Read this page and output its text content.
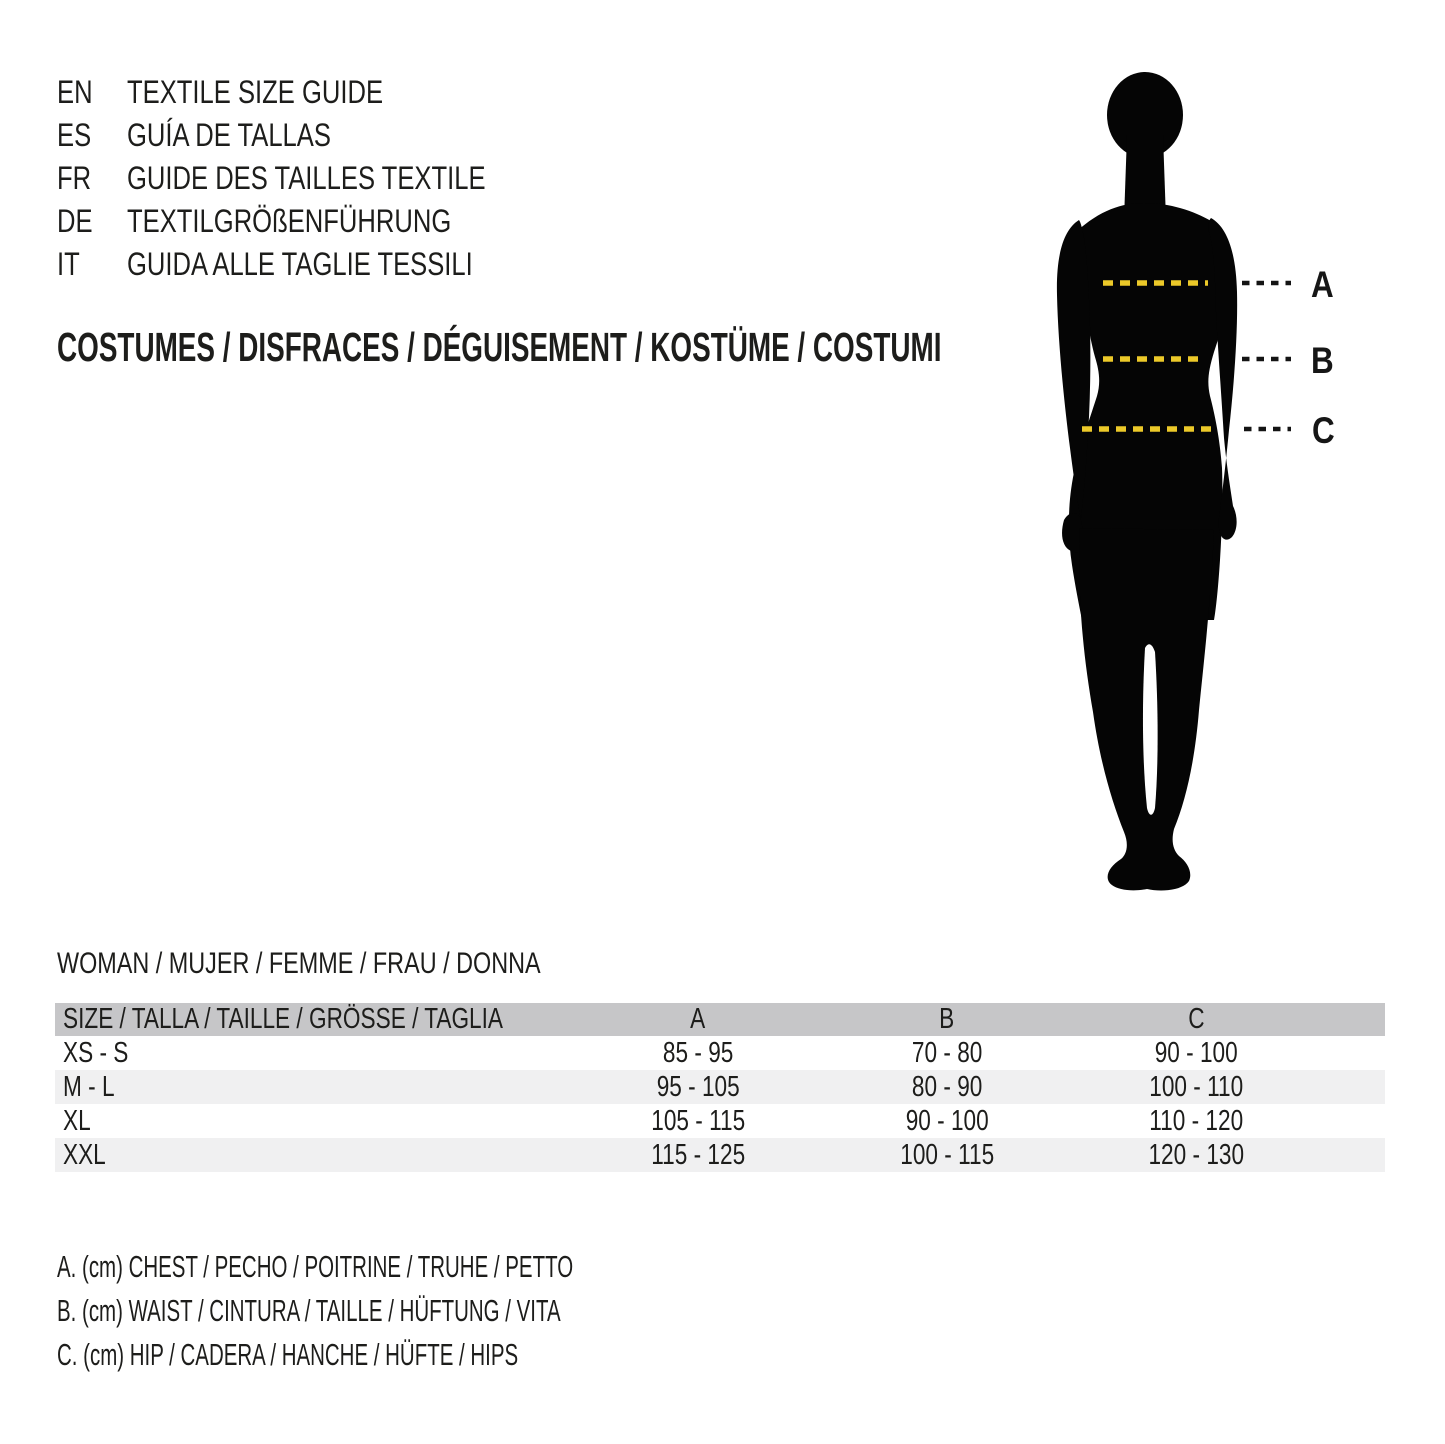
EN TEXTILE SIZE GUIDE
ES GUÍA DE TALLAS
FR GUIDE DES TAILLES TEXTILE
DE TEXTILGRÖßENFÜHRUNG
IT GUIDA ALLE TAGLIE TESSILI
COSTUMES / DISFRACES / DÉGUISEMENT / KOSTÜME / COSTUMI
A
B
C
WOMAN / MUJER / FEMME / FRAU / DONNA
SIZE / TALLA / TAILLE / GRÖSSE / TAGLIA	A	B	C
XS - S	85 - 95	70 - 80	90 - 100
M - L	95 - 105	80 - 90	100 - 110
XL	105 - 115	90 - 100	110 - 120
XXL	115 - 125	100 - 115	120 - 130
A. (cm) CHEST / PECHO / POITRINE / TRUHE / PETTO
B. (cm) WAIST / CINTURA / TAILLE / HÜFTUNG / VITA
C. (cm) HIP / CADERA / HANCHE / HÜFTE / HIPS
